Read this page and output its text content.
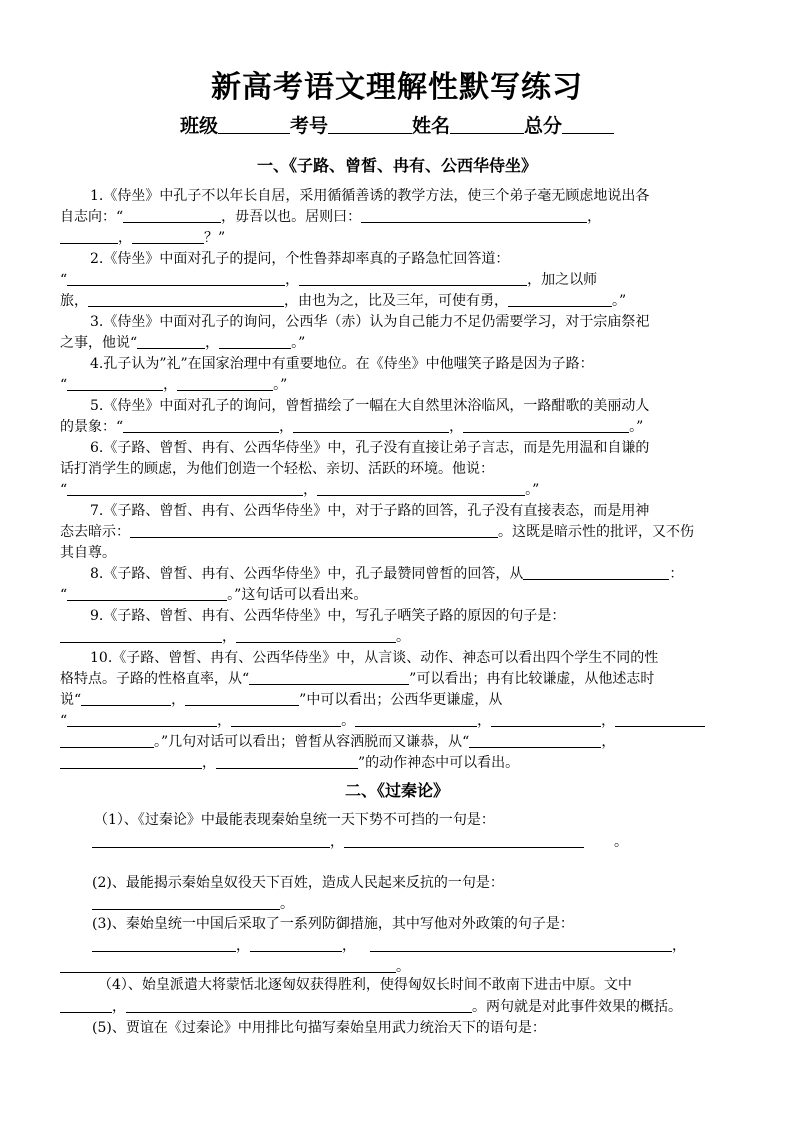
新高考语文理解性默写练习
班级	考号	姓名	总分
一、《子路、曾皙、冉有、公西华侍坐》
1.《侍坐》中孔子不以年长自居，采用循循善诱的教学方法，使三个弟子毫无顾虑地说出各
自志向：“	，毋吾以也。居则曰：	，
，	？”
2.《侍坐》中面对孔子的提问，个性鲁莽却率真的子路急忙回答道：
“	，	，加之以师
旅，	，由也为之，比及三年，可使有勇，	。”
3.《侍坐》中面对孔子的询问，公西华（赤）认为自己能力不足仍需要学习，对于宗庙祭祀
之事，他说“	，	。”
4.孔子认为”礼”在国家治理中有重要地位。在《侍坐》中他嗤笑子路是因为子路：
“	，	。”
5.《侍坐》中面对孔子的询问，曾皙描绘了一幅在大自然里沐浴临风，一路酣歌的美丽动人
的景象：“	，	，	。”
6.《子路、曾皙、冉有、公西华侍坐》中，孔子没有直接让弟子言志，而是先用温和自谦的
话打消学生的顾虑，为他们创造一个轻松、亲切、活跃的环境。他说：
“	，	。”
7.《子路、曾皙、冉有、公西华侍坐》中，对于子路的回答，孔子没有直接表态，而是用神
态去暗示：	。这既是暗示性的批评，又不伤
其自尊。
8.《子路、曾皙、冉有、公西华侍坐》中，孔子最赞同曾皙的回答，从	：
“	。”这句话可以看出来。
9.《子路、曾皙、冉有、公西华侍坐》中，写孔子哂笑子路的原因的句子是：
，	。
10.《子路、曾皙、冉有、公西华侍坐》中，从言谈、动作、神态可以看出四个学生不同的性
格特点。子路的性格直率，从“	”可以看出；冉有比较谦虚，从他述志时
说“	，	”中可以看出；公西华更谦虚，从
“	，	。	，	，
。”几句对话可以看出；曾皙从容洒脱而又谦恭，从“	，
，	”的动作神态中可以看出。
二、《过秦论》
（1）、《过秦论》中最能表现秦始皇统一天下势不可挡的一句是：
，	。
(2)、最能揭示秦始皇奴役天下百姓，造成人民起来反抗的一句是：
。
(3)、秦始皇统一中国后采取了一系列防御措施，其中写他对外政策的句子是：
，	，	，
。
（4）、始皇派遣大将蒙恬北逐匈奴获得胜利，使得匈奴长时间不敢南下进击中原。文中
，	。两句就是对此事件效果的概括。
(5)、贾谊在《过秦论》中用排比句描写秦始皇用武力统治天下的语句是：
